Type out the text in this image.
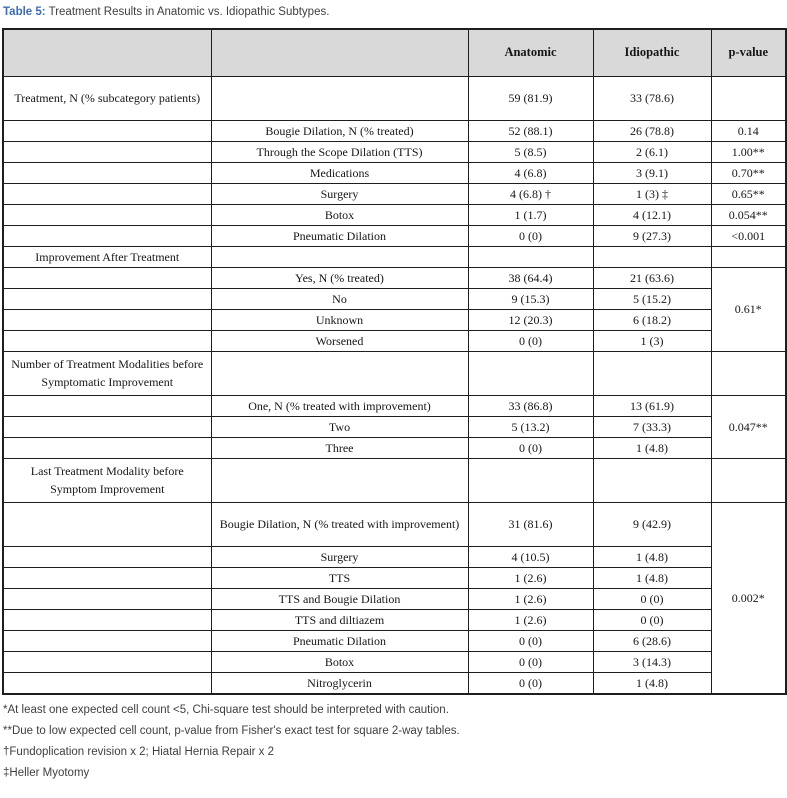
Table 5: Treatment Results in Anatomic vs. Idiopathic Subtypes.
		Anatomic	Idiopathic	p-value
Treatment, N (% subcategory patients)		59 (81.9)	33 (78.6)	
	Bougie Dilation, N (% treated)	52 (88.1)	26 (78.8)	0.14
	Through the Scope Dilation (TTS)	5 (8.5)	2 (6.1)	1.00**
	Medications	4 (6.8)	3 (9.1)	0.70**
	Surgery	4 (6.8) †	1 (3) ‡	0.65**
	Botox	1 (1.7)	4 (12.1)	0.054**
	Pneumatic Dilation	0 (0)	9 (27.3)	<0.001
Improvement After Treatment				
	Yes, N (% treated)	38 (64.4)	21 (63.6)	0.61*
	No	9 (15.3)	5 (15.2)	
	Unknown	12 (20.3)	6 (18.2)	
	Worsened	0 (0)	1 (3)	
Number of Treatment Modalities before Symptomatic Improvement				
	One, N (% treated with improvement)	33 (86.8)	13 (61.9)	0.047**
	Two	5 (13.2)	7 (33.3)	
	Three	0 (0)	1 (4.8)	
Last Treatment Modality before Symptom Improvement				
	Bougie Dilation, N (% treated with improvement)	31 (81.6)	9 (42.9)	0.002*
	Surgery	4 (10.5)	1 (4.8)	
	TTS	1 (2.6)	1 (4.8)	
	TTS and Bougie Dilation	1 (2.6)	0 (0)	
	TTS and diltiazem	1 (2.6)	0 (0)	
	Pneumatic Dilation	0 (0)	6 (28.6)	
	Botox	0 (0)	3 (14.3)	
	Nitroglycerin	0 (0)	1 (4.8)	

*At least one expected cell count <5, Chi-square test should be interpreted with caution.

**Due to low expected cell count, p-value from Fisher's exact test for square 2-way tables.

†Fundoplication revision x 2; Hiatal Hernia Repair x 2

‡Heller Myotomy
